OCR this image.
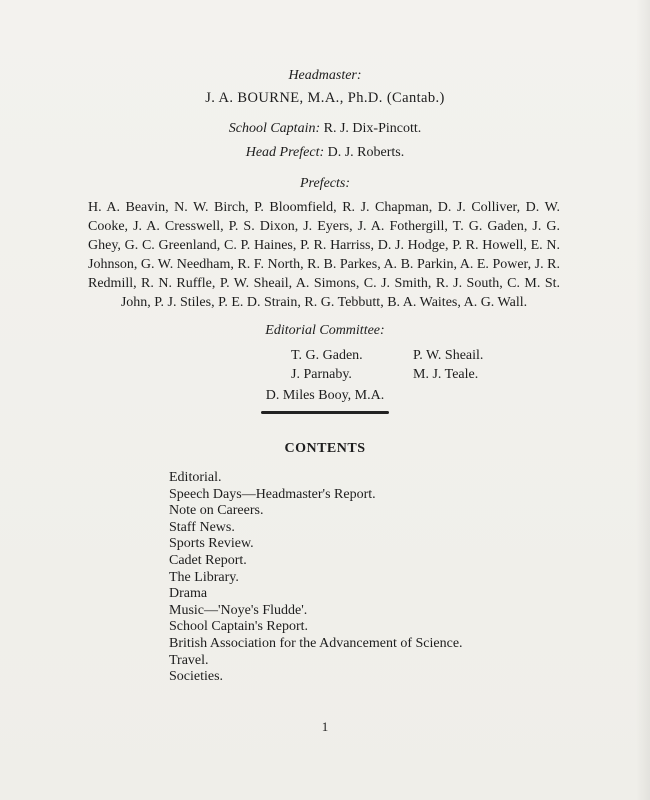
Headmaster:
J. A. BOURNE, M.A., Ph.D. (Cantab.)
School Captain: R. J. Dix-Pincott.
Head Prefect: D. J. Roberts.
Prefects:
H. A. Beavin, N. W. Birch, P. Bloomfield, R. J. Chapman, D. J. Colliver, D. W. Cooke, J. A. Cresswell, P. S. Dixon, J. Eyers, J. A. Fothergill, T. G. Gaden, J. G. Ghey, G. C. Greenland, C. P. Haines, P. R. Harriss, D. J. Hodge, P. R. Howell, E. N. Johnson, G. W. Needham, R. F. North, R. B. Parkes, A. B. Parkin, A. E. Power, J. R. Redmill, R. N. Ruffle, P. W. Sheail, A. Simons, C. J. Smith, R. J. South, C. M. St. John, P. J. Stiles, P. E. D. Strain, R. G. Tebbutt, B. A. Waites, A. G. Wall.
Editorial Committee:
T. G. Gaden.	P. W. Sheail.
J. Parnaby.	M. J. Teale.
D. Miles Booy, M.A.
CONTENTS
Editorial.
Speech Days—Headmaster's Report.
Note on Careers.
Staff News.
Sports Review.
Cadet Report.
The Library.
Drama
Music—'Noye's Fludde'.
School Captain's Report.
British Association for the Advancement of Science.
Travel.
Societies.
1
